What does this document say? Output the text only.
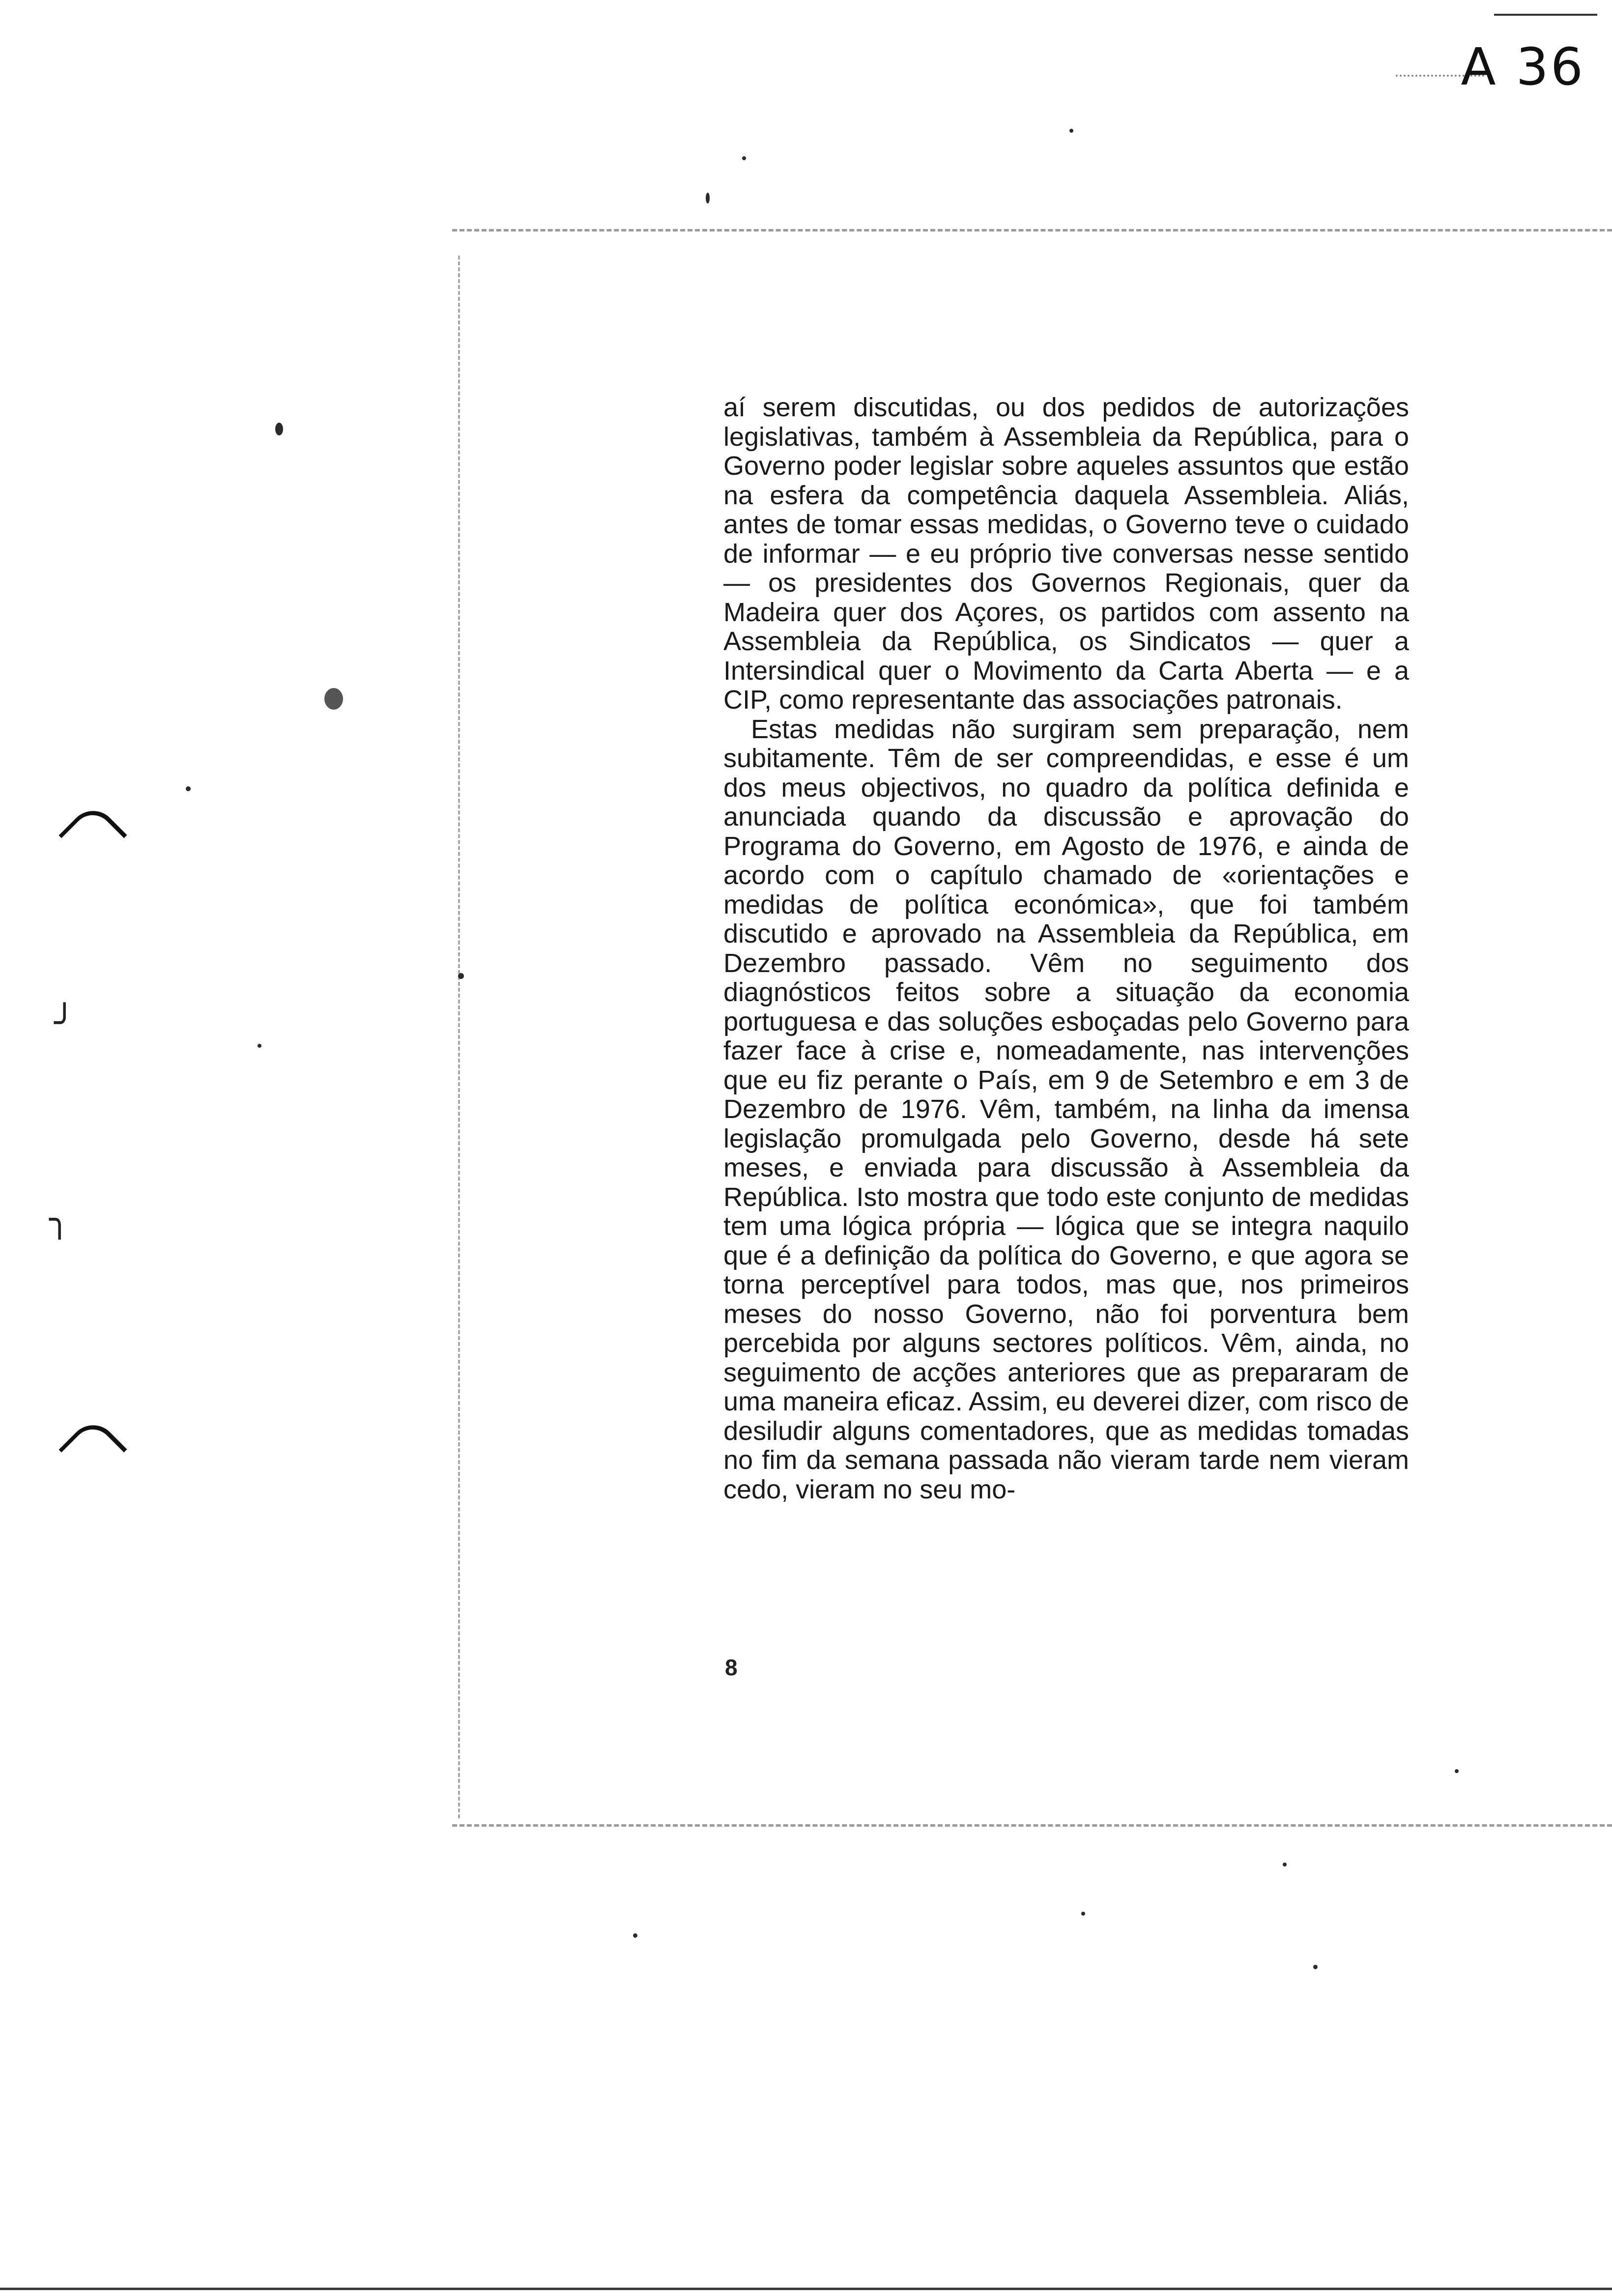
A 36

aí serem discutidas, ou dos pedidos de autorizações legislativas, também à Assembleia da República, para o Governo poder legislar sobre aqueles assuntos que estão na esfera da competência daquela Assembleia. Aliás, antes de tomar essas medidas, o Governo teve o cuidado de informar — e eu próprio tive conversas nesse sentido — os presidentes dos Governos Regionais, quer da Madeira quer dos Açores, os partidos com assento na Assembleia da República, os Sindicatos — quer a Intersindical quer o Movimento da Carta Aberta — e a CIP, como representante das associações patronais.

Estas medidas não surgiram sem preparação, nem subitamente. Têm de ser compreendidas, e esse é um dos meus objectivos, no quadro da política definida e anunciada quando da discussão e aprovação do Programa do Governo, em Agosto de 1976, e ainda de acordo com o capítulo chamado de «orientações e medidas de política económica», que foi também discutido e aprovado na Assembleia da República, em Dezembro passado. Vêm no seguimento dos diagnósticos feitos sobre a situação da economia portuguesa e das soluções esboçadas pelo Governo para fazer face à crise e, nomeadamente, nas intervenções que eu fiz perante o País, em 9 de Setembro e em 3 de Dezembro de 1976. Vêm, também, na linha da imensa legislação promulgada pelo Governo, desde há sete meses, e enviada para discussão à Assembleia da República. Isto mostra que todo este conjunto de medidas tem uma lógica própria — lógica que se integra naquilo que é a definição da política do Governo, e que agora se torna perceptível para todos, mas que, nos primeiros meses do nosso Governo, não foi porventura bem percebida por alguns sectores políticos. Vêm, ainda, no seguimento de acções anteriores que as prepararam de uma maneira eficaz. Assim, eu deverei dizer, com risco de desiludir alguns comentadores, que as medidas tomadas no fim da semana passada não vieram tarde nem vieram cedo, vieram no seu mo-

8
╯
╮
